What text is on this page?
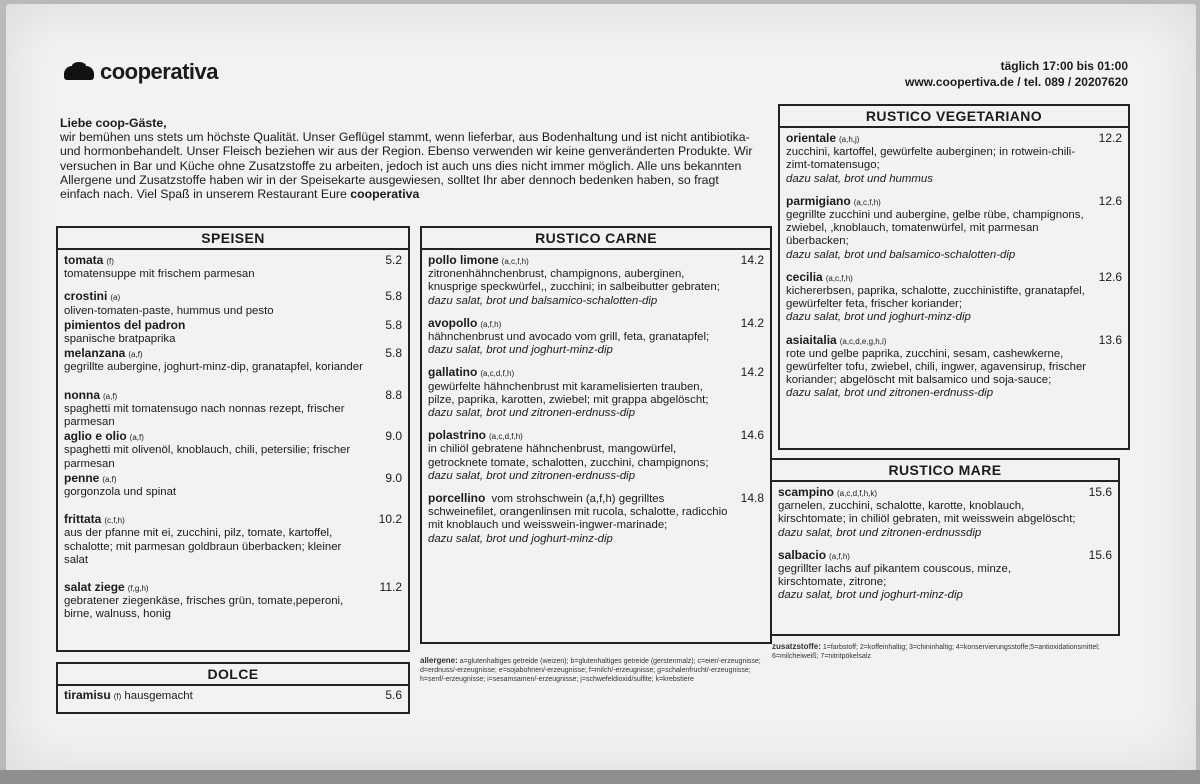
cooperativa	täglich 17:00 bis 01:00
www.coopertiva.de / tel. 089 / 20207620
Liebe coop-Gäste,
wir bemühen uns stets um höchste Qualität. Unser Geflügel stammt, wenn lieferbar, aus Bodenhaltung und ist nicht antibiotika- und hormonbehandelt. Unser Fleisch beziehen wir aus der Region. Ebenso verwenden wir keine genveränderten Produkte. Wir versuchen in Bar und Küche ohne Zusatzstoffe zu arbeiten, jedoch ist auch uns dies nicht immer möglich. Alle uns bekannten Allergene und Zusatzstoffe haben wir in der Speisekarte ausgewiesen, solltet Ihr aber dennoch bedenken haben, so fragt einfach nach. Viel Spaß in unserem Restaurant Eure cooperativa
SPEISEN
tomata (f)
tomatensuppe mit frischem parmesan
5.2
crostini (a)
oliven-tomaten-paste, hummus und pesto
5.8
pimientos del padron
spanische bratpaprika
5.8
melanzana (a,f)
gegrillte aubergine, joghurt-minz-dip, granatapfel, koriander
5.8
nonna (a,f)
spaghetti mit tomatensugo nach nonnas rezept, frischer parmesan
8.8
aglio e olio (a,f)
spaghetti mit olivenöl, knoblauch, chili, petersilie; frischer parmesan
9.0
penne (a,f)
gorgonzola und spinat
9.0
frittata (c,f,h)
aus der pfanne mit ei, zucchini, pilz, tomate, kartoffel, schalotte; mit parmesan goldbraun überbacken; kleiner salat
10.2
salat ziege (f,g,h)
gebratener ziegenkäse, frisches grün, tomate,peperoni, birne, walnuss, honig
11.2
DOLCE
tiramisu (f) hausgemacht	5.6
RUSTICO CARNE
pollo limone (a,c,f,h)
zitronenhähnchenbrust, champignons, auberginen, knusprige speckwürfel,, zucchini; in salbeibutter gebraten;
dazu salat, brot und balsamico-schalotten-dip
14.2
avopollo (a,f,h)
hähnchenbrust und avocado vom grill, feta, granatapfel;
dazu salat, brot und joghurt-minz-dip
14.2
gallatino (a,c,d,f,h)
gewürfelte hähnchenbrust mit karamelisierten trauben, pilze, paprika, karotten, zwiebel; mit grappa abgelöscht;
dazu salat, brot und zitronen-erdnuss-dip
14.2
polastrino (a,c,d,f,h)
in chiliöl gebratene hähnchenbrust, mangowürfel, getrocknete tomate, schalotten, zucchini, champignons;
dazu salat, brot und zitronen-erdnuss-dip
14.6
porcellino vom strohschwein (a,f,h) gegrilltes schweinefilet, orangenlinsen mit rucola, schalotte, radicchio mit knoblauch und weisswein-ingwer-marinade;
dazu salat, brot und joghurt-minz-dip
14.8
RUSTICO VEGETARIANO
orientale (a,h,j)
zucchini, kartoffel, gewürfelte auberginen; in rotwein-chili-zimt-tomatensugo;
dazu salat, brot und hummus
12.2
parmigiano (a,c,f,h)
gegrillte zucchini und aubergine, gelbe rübe, champignons, zwiebel, ,knoblauch, tomatenwürfel, mit parmesan überbacken;
dazu salat, brot und balsamico-schalotten-dip
12.6
cecilia (a,c,f,h)
kichererbsen, paprika, schalotte, zucchinistifte, granatapfel, gewürfelter feta, frischer koriander;
dazu salat, brot und joghurt-minz-dip
12.6
asiaitalia (a,c,d,e,g,h,i)
rote und gelbe paprika, zucchini, sesam, cashewkerne, gewürfelter tofu, zwiebel, chili, ingwer, agavensirup, frischer koriander; abgelöscht mit balsamico und soja-sauce;
dazu salat, brot und zitronen-erdnuss-dip
13.6
RUSTICO MARE
scampino (a,c,d,f,h,k)
garnelen, zucchini, schalotte, karotte, knoblauch, kirschtomate; in chiliöl gebraten, mit weisswein abgelöscht;
dazu salat, brot und zitronen-erdnussdip
15.6
salbacio (a,f,h)
gegrillter lachs auf pikantem couscous, minze, kirschtomate, zitrone;
dazu salat, brot und joghurt-minz-dip
15.6
allergene: a=glutenhaltiges getreide (weizen); b=glutenhaltiges getreide (gerstenmalz); c=eier/-erzeugnisse; d=erdnuss/-erzeugnisse; e=sojabohnen/-erzeugnisse; f=milch/-erzeugnisse; g=schalenfrucht/-erzeugnisse; h=senf/-erzeugnisse; i=sesamsamen/-erzeugnisse; j=schwefeldioxid/sulfite; k=krebstiere
zusatzstoffe: 1=farbstoff; 2=koffeinhaltig; 3=chininhaltig; 4=konservierungsstoffe;5=antioxidationsmittel; 6=milcheiweiß; 7=nitritpökelsalz
